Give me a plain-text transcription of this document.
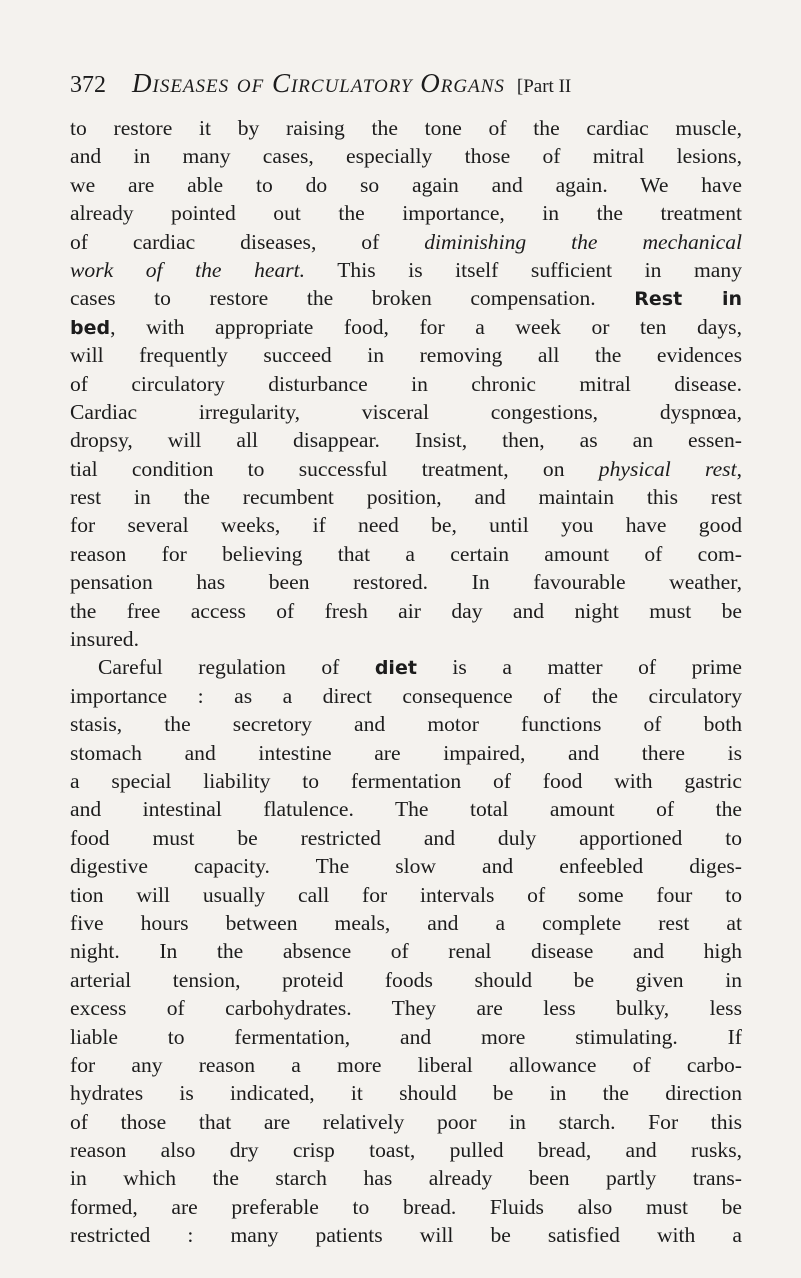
372 Diseases of Circulatory Organs [Part II
to restore it by raising the tone of the cardiac muscle,
and in many cases, especially those of mitral lesions,
we are able to do so again and again. We have
already pointed out the importance, in the treatment
of cardiac diseases, of diminishing the mechanical
work of the heart. This is itself sufficient in many
cases to restore the broken compensation. Rest in
bed, with appropriate food, for a week or ten days,
will frequently succeed in removing all the evidences
of circulatory disturbance in chronic mitral disease.
Cardiac irregularity, visceral congestions, dyspnœa,
dropsy, will all disappear. Insist, then, as an essen-
tial condition to successful treatment, on physical rest,
rest in the recumbent position, and maintain this rest
for several weeks, if need be, until you have good
reason for believing that a certain amount of com-
pensation has been restored. In favourable weather,
the free access of fresh air day and night must be
insured.
Careful regulation of diet is a matter of prime
importance : as a direct consequence of the circulatory
stasis, the secretory and motor functions of both
stomach and intestine are impaired, and there is
a special liability to fermentation of food with gastric
and intestinal flatulence. The total amount of the
food must be restricted and duly apportioned to
digestive capacity. The slow and enfeebled diges-
tion will usually call for intervals of some four to
five hours between meals, and a complete rest at
night. In the absence of renal disease and high
arterial tension, proteid foods should be given in
excess of carbohydrates. They are less bulky, less
liable to fermentation, and more stimulating. If
for any reason a more liberal allowance of carbo-
hydrates is indicated, it should be in the direction
of those that are relatively poor in starch. For this
reason also dry crisp toast, pulled bread, and rusks,
in which the starch has already been partly trans-
formed, are preferable to bread. Fluids also must be
restricted : many patients will be satisfied with a
